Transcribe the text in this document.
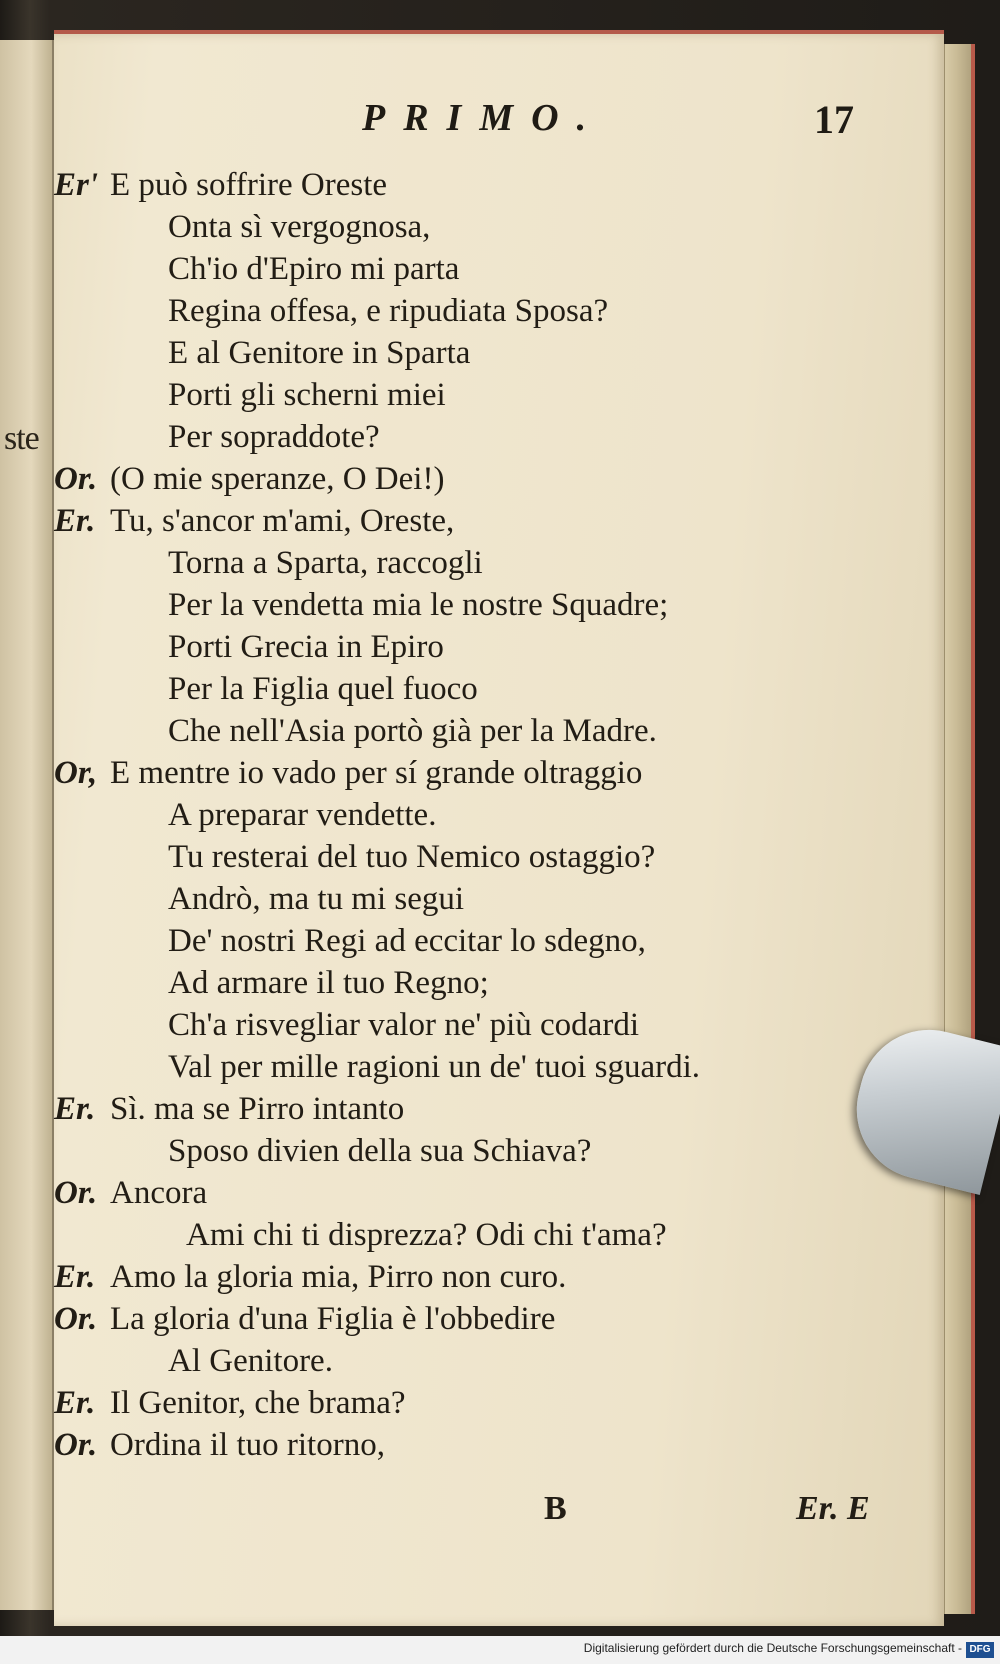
ste
PRIMO.	17
Er' E può soffrire Oreste
Onta sì vergognosa,
Ch'io d'Epiro mi parta
Regina offesa, e ripudiata Sposa?
E al Genitore in Sparta
Porti gli scherni miei
Per sopraddote?
Or. (O mie speranze, O Dei!)
Er. Tu, s'ancor m'ami, Oreste,
Torna a Sparta, raccogli
Per la vendetta mia le nostre Squadre;
Porti Grecia in Epiro
Per la Figlia quel fuoco
Che nell'Asia portò già per la Madre.
Or, E mentre io vado per sí grande oltraggio
A preparar vendette.
Tu resterai del tuo Nemico ostaggio?
Andrò, ma tu mi segui
De' nostri Regi ad eccitar lo sdegno,
Ad armare il tuo Regno;
Ch'a risvegliar valor ne' più codardi
Val per mille ragioni un de' tuoi sguardi.
Er. Sì. ma se Pirro intanto
Sposo divien della sua Schiava?
Or. Ancora
Ami chi ti disprezza? Odi chi t'ama?
Er. Amo la gloria mia, Pirro non curo.
Or. La gloria d'una Figlia è l'obbedire
Al Genitore.
Er. Il Genitor, che brama?
Or. Ordina il tuo ritorno,
B	Er. E
Digitalisierung gefördert durch die Deutsche Forschungsgemeinschaft - DFG
